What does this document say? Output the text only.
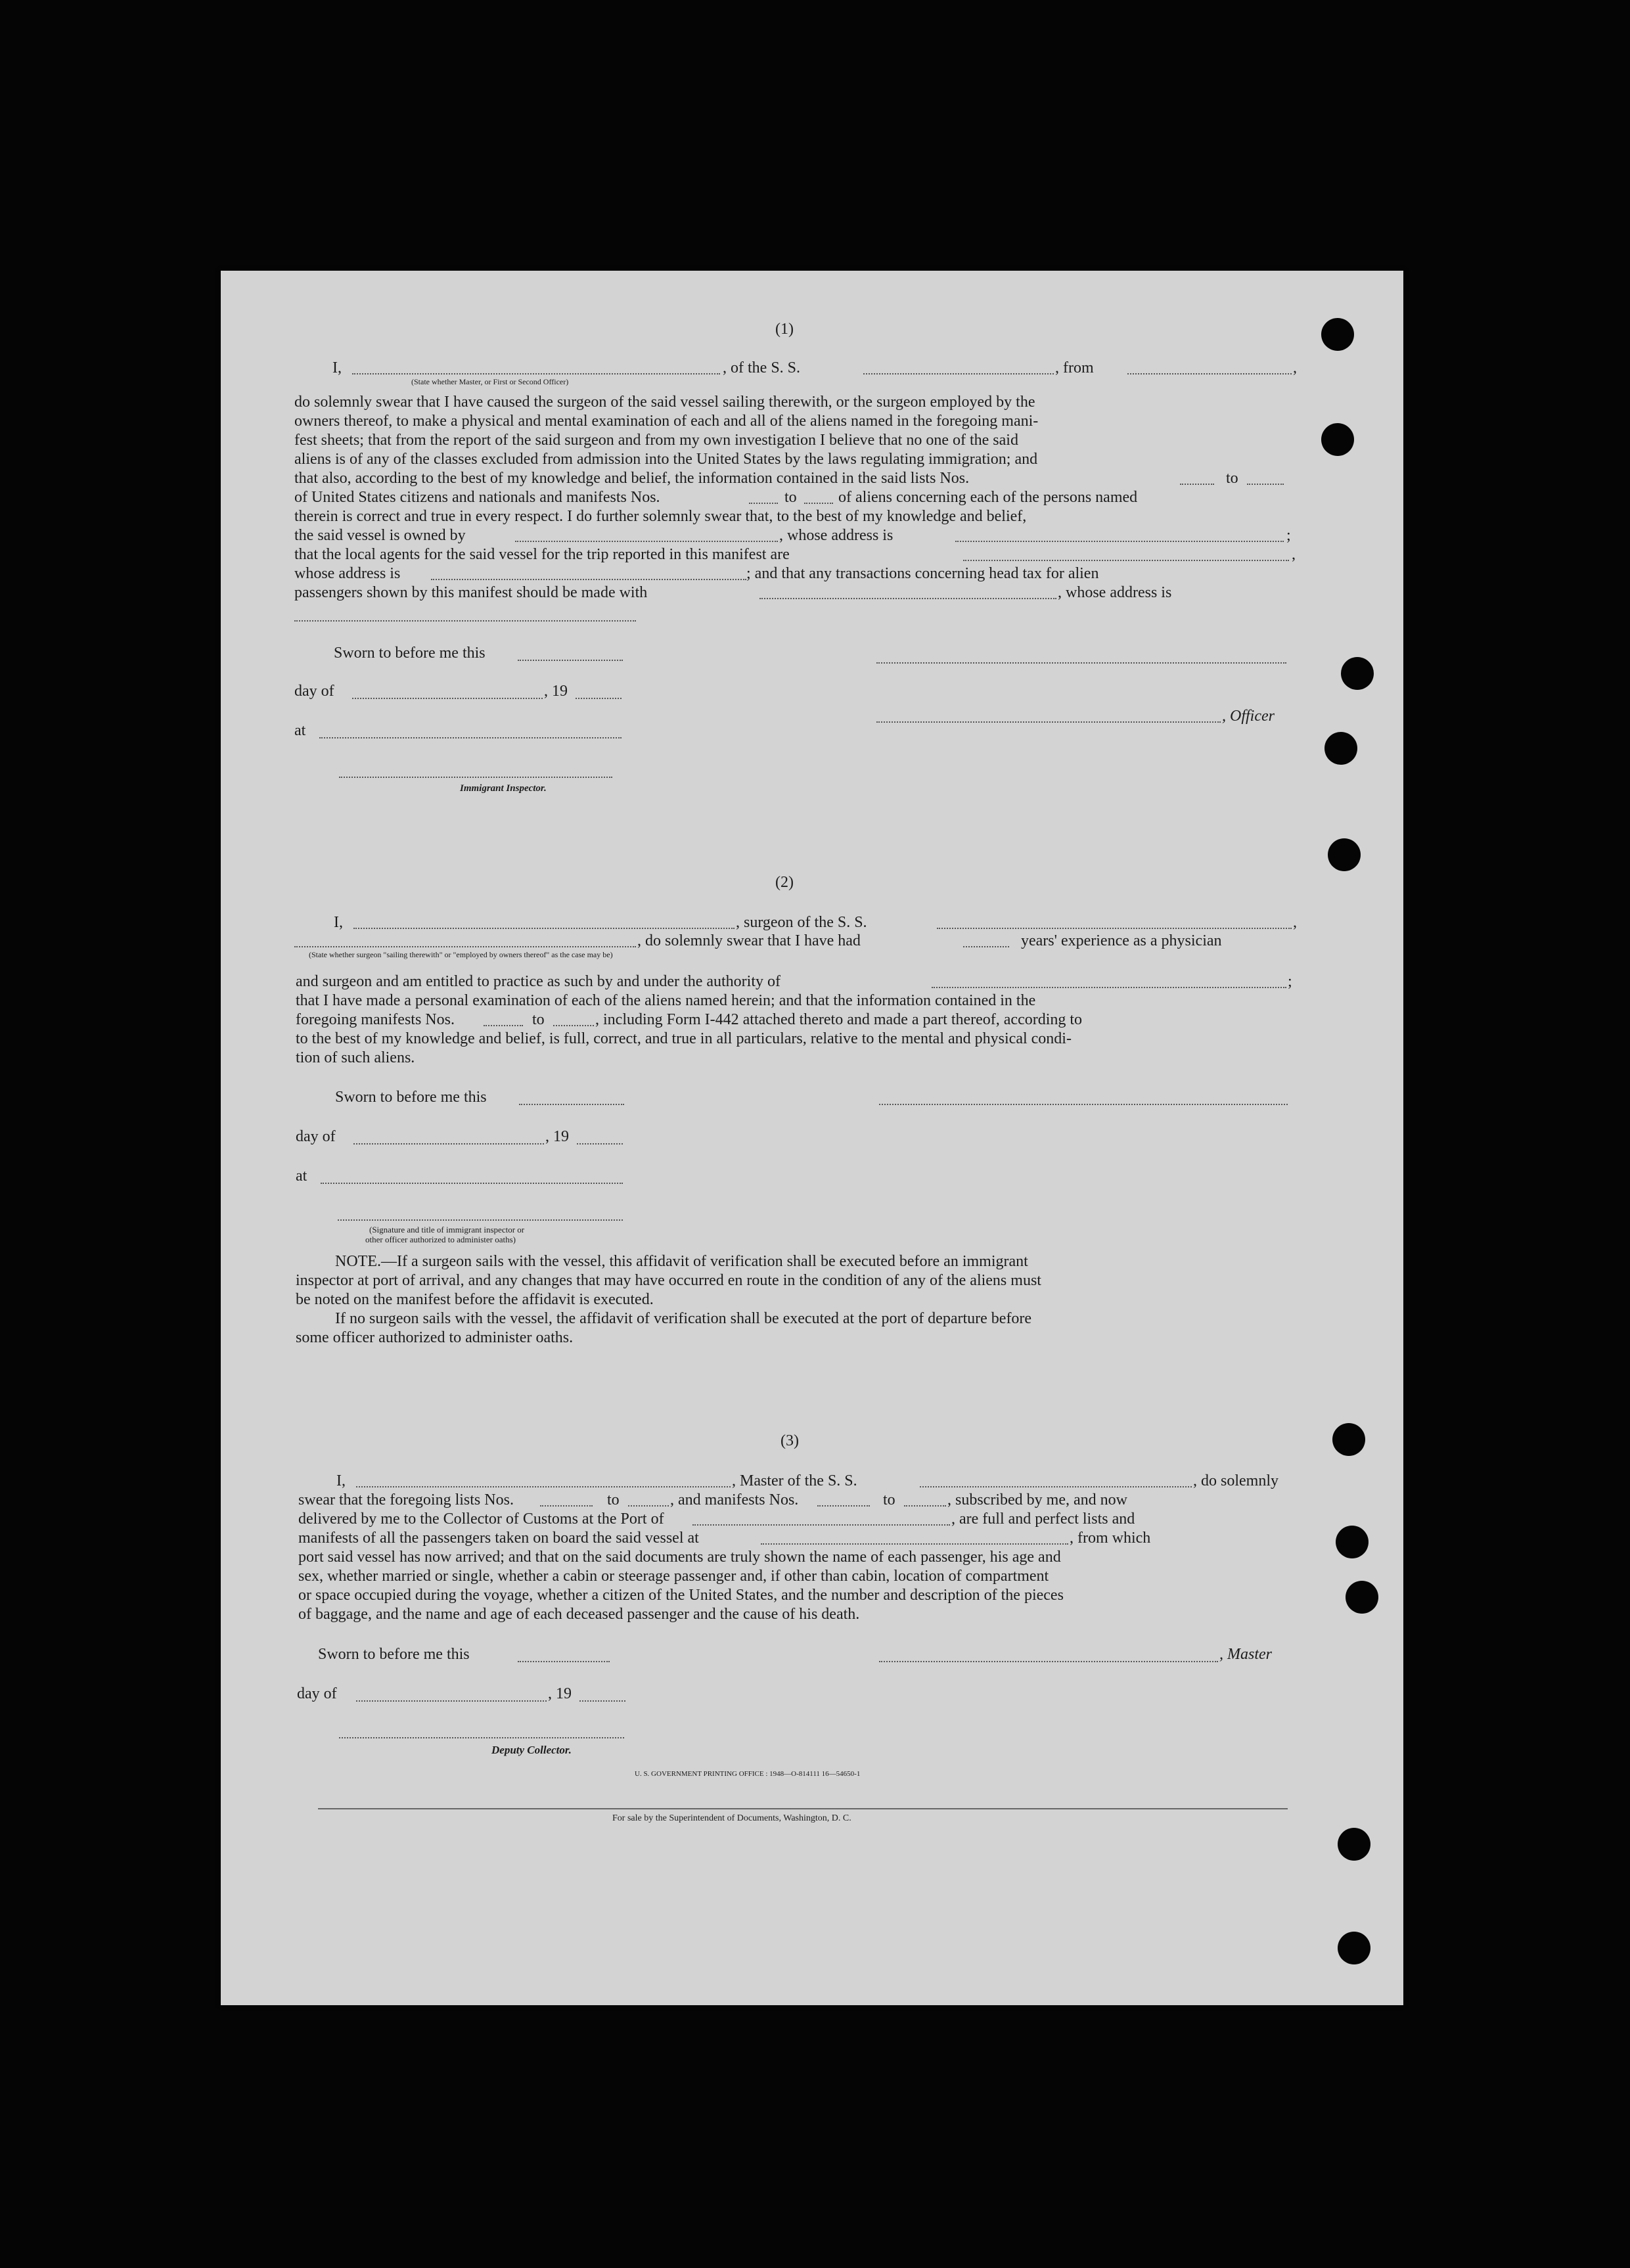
(1)
I,	, of the S. S.	, from	,
(State whether Master, or First or Second Officer)
do solemnly swear that I have caused the surgeon of the said vessel sailing therewith, or the surgeon employed by the
owners thereof, to make a physical and mental examination of each and all of the aliens named in the foregoing mani-
fest sheets; that from the report of the said surgeon and from my own investigation I believe that no one of the said
aliens is of any of the classes excluded from admission into the United States by the laws regulating immigration; and
that also, according to the best of my knowledge and belief, the information contained in the said lists Nos.	to
of United States citizens and nationals and manifests Nos.	to	of aliens concerning each of the persons named
therein is correct and true in every respect. I do further solemnly swear that, to the best of my knowledge and belief,
the said vessel is owned by	, whose address is	;
that the local agents for the said vessel for the trip reported in this manifest are	,
whose address is	; and that any transactions concerning head tax for alien
passengers shown by this manifest should be made with	, whose address is
Sworn to before me this
day of	, 19
, Officer
at
Immigrant Inspector.
(2)
I,	, surgeon of the S. S.	,
, do solemnly swear that I have had	years' experience as a physician
(State whether surgeon "sailing therewith" or "employed by owners thereof" as the case may be)
and surgeon and am entitled to practice as such by and under the authority of	;
that I have made a personal examination of each of the aliens named herein; and that the information contained in the
foregoing manifests Nos.	to	, including Form I-442 attached thereto and made a part thereof, according to
to the best of my knowledge and belief, is full, correct, and true in all particulars, relative to the mental and physical condi-
tion of such aliens.
Sworn to before me this
day of	, 19
at
(Signature and title of immigrant inspector or
other officer authorized to administer oaths)
NOTE.—If a surgeon sails with the vessel, this affidavit of verification shall be executed before an immigrant
inspector at port of arrival, and any changes that may have occurred en route in the condition of any of the aliens must
be noted on the manifest before the affidavit is executed.
If no surgeon sails with the vessel, the affidavit of verification shall be executed at the port of departure before
some officer authorized to administer oaths.
(3)
I,	, Master of the S. S.	, do solemnly
swear that the foregoing lists Nos.	to	, and manifests Nos.	to	, subscribed by me, and now
delivered by me to the Collector of Customs at the Port of	, are full and perfect lists and
manifests of all the passengers taken on board the said vessel at	, from which
port said vessel has now arrived; and that on the said documents are truly shown the name of each passenger, his age and
sex, whether married or single, whether a cabin or steerage passenger and, if other than cabin, location of compartment
or space occupied during the voyage, whether a citizen of the United States, and the number and description of the pieces
of baggage, and the name and age of each deceased passenger and the cause of his death.
Sworn to before me this	, Master
day of	, 19
Deputy Collector.
U. S. GOVERNMENT PRINTING OFFICE : 1948—O-814111 16—54650-1
For sale by the Superintendent of Documents, Washington, D. C.
